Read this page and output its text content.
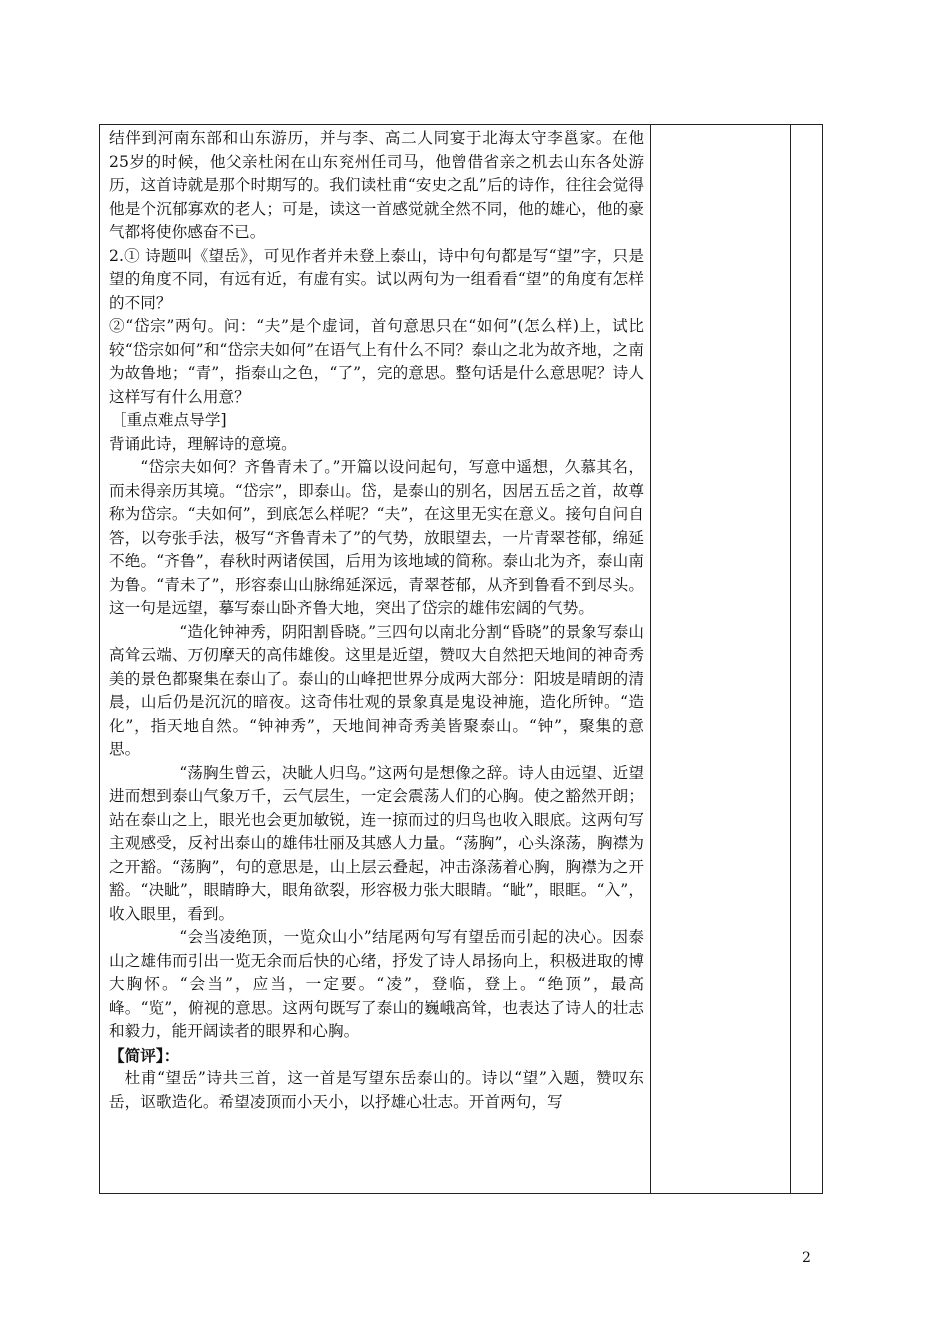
结伴到河南东部和山东游历，并与李、高二人同宴于北海太守李邕家。在他25岁的时候，他父亲杜闲在山东兖州任司马，他曾借省亲之机去山东各处游历，这首诗就是那个时期写的。我们读杜甫“安史之乱”后的诗作，往往会觉得他是个沉郁寡欢的老人；可是，读这一首感觉就全然不同，他的雄心，他的豪气都将使你感奋不已。

2.① 诗题叫《望岳》，可见作者并未登上泰山，诗中句句都是写“望”字，只是望的角度不同，有远有近，有虚有实。试以两句为一组看看“望”的角度有怎样的不同？

②“岱宗”两句。问：“夫”是个虚词，首句意思只在“如何”(怎么样)上，试比较“岱宗如何”和“岱宗夫如何”在语气上有什么不同？泰山之北为故齐地，之南为故鲁地；“青”，指泰山之色，“了”，完的意思。整句话是什么意思呢？诗人这样写有什么用意？

［重点难点导学]

背诵此诗，理解诗的意境。

“岱宗夫如何？齐鲁青未了。”开篇以设问起句，写意中遥想，久慕其名，而未得亲历其境。“岱宗”，即泰山。岱，是泰山的别名，因居五岳之首，故尊称为岱宗。“夫如何”，到底怎么样呢？“夫”，在这里无实在意义。接句自问自答，以夸张手法，极写“齐鲁青未了”的气势，放眼望去，一片青翠苍郁，绵延不绝。“齐鲁”，春秋时两诸侯国，后用为该地域的简称。泰山北为齐，泰山南为鲁。“青未了”，形容泰山山脉绵延深远，青翠苍郁，从齐到鲁看不到尽头。这一句是远望，摹写泰山卧齐鲁大地，突出了岱宗的雄伟宏阔的气势。

“造化钟神秀，阴阳割昏晓。”三四句以南北分割“昏晓”的景象写泰山高耸云端、万仞摩天的高伟雄俊。这里是近望，赞叹大自然把天地间的神奇秀美的景色都聚集在泰山了。泰山的山峰把世界分成两大部分：阳坡是晴朗的清晨，山后仍是沉沉的暗夜。这奇伟壮观的景象真是鬼设神施，造化所钟。“造化”，指天地自然。“钟神秀”，天地间神奇秀美皆聚泰山。“钟”，聚集的意思。

“荡胸生曾云，决眦人归鸟。”这两句是想像之辞。诗人由远望、近望进而想到泰山气象万千，云气层生，一定会震荡人们的心胸。使之豁然开朗；站在泰山之上，眼光也会更加敏锐，连一掠而过的归鸟也收入眼底。这两句写主观感受，反衬出泰山的雄伟壮丽及其感人力量。“荡胸”，心头涤荡，胸襟为之开豁。“荡胸”，句的意思是，山上层云叠起，冲击涤荡着心胸，胸襟为之开豁。“决眦”，眼睛睁大，眼角欲裂，形容极力张大眼睛。“眦”，眼眶。“入”，收入眼里，看到。

“会当凌绝顶，一览众山小”结尾两句写有望岳而引起的决心。因泰山之雄伟而引出一览无余而后快的心绪，抒发了诗人昂扬向上，积极进取的博大胸怀。“会当”，应当，一定要。“凌”，登临，登上。“绝顶”，最高峰。“览”，俯视的意思。这两句既写了泰山的巍峨高耸，也表达了诗人的壮志和毅力，能开阔读者的眼界和心胸。

【简评】：

杜甫“望岳”诗共三首，这一首是写望东岳泰山的。诗以“望”入题，赞叹东岳，讴歌造化。希望凌顶而小天小，以抒雄心壮志。开首两句，写

2
